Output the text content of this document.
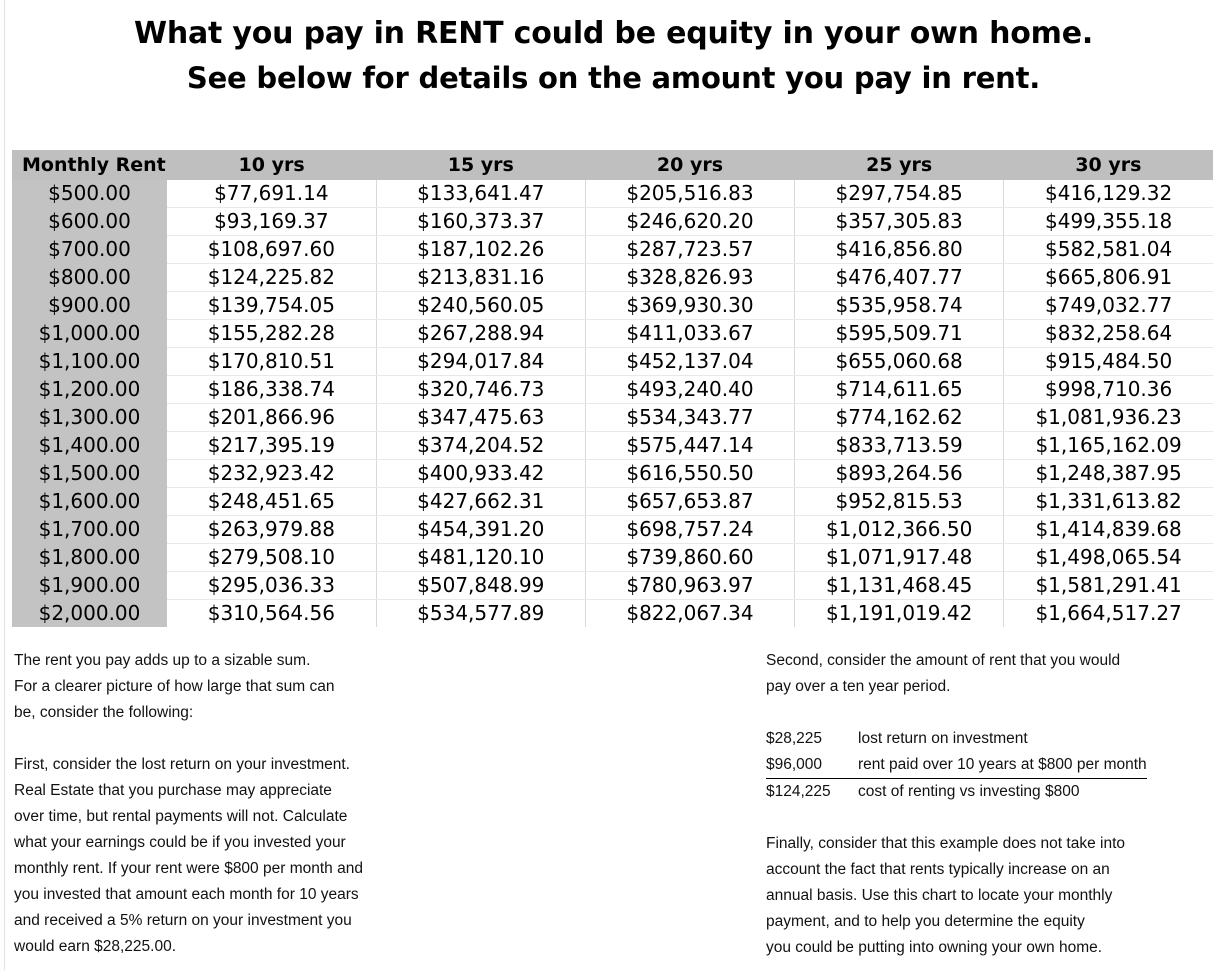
What you pay in RENT could be equity in your own home.
See below for details on the amount you pay in rent.
Monthly Rent	10 yrs	15 yrs	20 yrs	25 yrs	30 yrs
$500.00	$77,691.14	$133,641.47	$205,516.83	$297,754.85	$416,129.32
$600.00	$93,169.37	$160,373.37	$246,620.20	$357,305.83	$499,355.18
$700.00	$108,697.60	$187,102.26	$287,723.57	$416,856.80	$582,581.04
$800.00	$124,225.82	$213,831.16	$328,826.93	$476,407.77	$665,806.91
$900.00	$139,754.05	$240,560.05	$369,930.30	$535,958.74	$749,032.77
$1,000.00	$155,282.28	$267,288.94	$411,033.67	$595,509.71	$832,258.64
$1,100.00	$170,810.51	$294,017.84	$452,137.04	$655,060.68	$915,484.50
$1,200.00	$186,338.74	$320,746.73	$493,240.40	$714,611.65	$998,710.36
$1,300.00	$201,866.96	$347,475.63	$534,343.77	$774,162.62	$1,081,936.23
$1,400.00	$217,395.19	$374,204.52	$575,447.14	$833,713.59	$1,165,162.09
$1,500.00	$232,923.42	$400,933.42	$616,550.50	$893,264.56	$1,248,387.95
$1,600.00	$248,451.65	$427,662.31	$657,653.87	$952,815.53	$1,331,613.82
$1,700.00	$263,979.88	$454,391.20	$698,757.24	$1,012,366.50	$1,414,839.68
$1,800.00	$279,508.10	$481,120.10	$739,860.60	$1,071,917.48	$1,498,065.54
$1,900.00	$295,036.33	$507,848.99	$780,963.97	$1,131,468.45	$1,581,291.41
$2,000.00	$310,564.56	$534,577.89	$822,067.34	$1,191,019.42	$1,664,517.27

The rent you pay adds up to a sizable sum.
For a clearer picture of how large that sum can
be, consider the following:

First, consider the lost return on your investment.
Real Estate that you purchase may appreciate
over time, but rental payments will not. Calculate
what your earnings could be if you invested your
monthly rent. If your rent were $800 per month and
you invested that amount each month for 10 years
and received a 5% return on your investment you
would earn $28,225.00.

Second, consider the amount of rent that you would
pay over a ten year period.

$28,225	lost return on investment
$96,000	rent paid over 10 years at $800 per month
$124,225	cost of renting vs investing $800

Finally, consider that this example does not take into
account the fact that rents typically increase on an
annual basis. Use this chart to locate your monthly
payment, and to help you determine the equity
you could be putting into owning your own home.
